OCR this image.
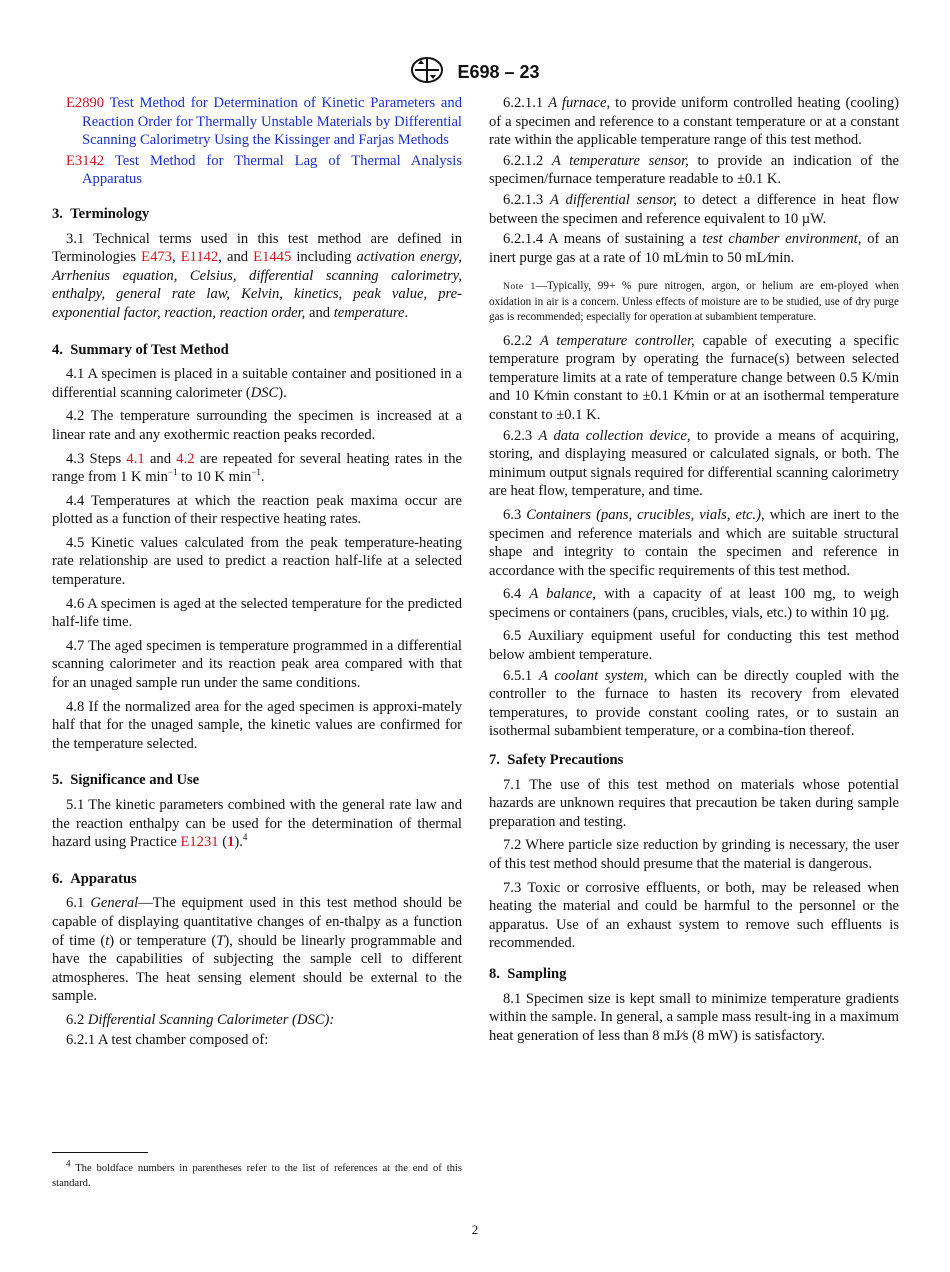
E698 – 23

E2890 Test Method for Determination of Kinetic Parameters and Reaction Order for Thermally Unstable Materials by Differential Scanning Calorimetry Using the Kissinger and Farjas Methods

E3142 Test Method for Thermal Lag of Thermal Analysis Apparatus

3. Terminology

3.1 Technical terms used in this test method are defined in Terminologies E473, E1142, and E1445 including activation energy, Arrhenius equation, Celsius, differential scanning calorimetry, enthalpy, general rate law, Kelvin, kinetics, peak value, pre-exponential factor, reaction, reaction order, and temperature.

4. Summary of Test Method

4.1 A specimen is placed in a suitable container and positioned in a differential scanning calorimeter (DSC).

4.2 The temperature surrounding the specimen is increased at a linear rate and any exothermic reaction peaks recorded.

4.3 Steps 4.1 and 4.2 are repeated for several heating rates in the range from 1 K $\min^{-1}$ to 10 K $\min^{-1}$.

4.4 Temperatures at which the reaction peak maxima occur are plotted as a function of their respective heating rates.

4.5 Kinetic values calculated from the peak temperature-heating rate relationship are used to predict a reaction half-life at a selected temperature.

4.6 A specimen is aged at the selected temperature for the predicted half-life time.

4.7 The aged specimen is temperature programmed in a differential scanning calorimeter and its reaction peak area compared with that for an unaged sample run under the same conditions.

4.8 If the normalized area for the aged specimen is approxi-mately half that for the unaged sample, the kinetic values are confirmed for the temperature selected.

5. Significance and Use

5.1 The kinetic parameters combined with the general rate law and the reaction enthalpy can be used for the determination of thermal hazard using Practice E1231 (1).$^4$

6. Apparatus

6.1 General—The equipment used in this test method should be capable of displaying quantitative changes of en-thalpy as a function of time (t) or temperature (T), should be linearly programmable and have the capabilities of subjecting the sample cell to different atmospheres. The heat sensing element should be external to the sample.

6.2 Differential Scanning Calorimeter (DSC):

6.2.1 A test chamber composed of:

6.2.1.1 A furnace, to provide uniform controlled heating (cooling) of a specimen and reference to a constant temperature or at a constant rate within the applicable temperature range of this test method.

6.2.1.2 A temperature sensor, to provide an indication of the specimen/furnace temperature readable to ±0.1 K.

6.2.1.3 A differential sensor, to detect a difference in heat flow between the specimen and reference equivalent to 10 µW.

6.2.1.4 A means of sustaining a test chamber environment, of an inert purge gas at a rate of 10 mL⁄min to 50 mL⁄min.

Note 1—Typically, 99+ % pure nitrogen, argon, or helium are em-ployed when oxidation in air is a concern. Unless effects of moisture are to be studied, use of dry purge gas is recommended; especially for operation at subambient temperature.

6.2.2 A temperature controller, capable of executing a specific temperature program by operating the furnace(s) between selected temperature limits at a rate of temperature change between 0.5 K/min and 10 K⁄min constant to ±0.1 K⁄min or at an isothermal temperature constant to ±0.1 K.

6.2.3 A data collection device, to provide a means of acquiring, storing, and displaying measured or calculated signals, or both. The minimum output signals required for differential scanning calorimetry are heat flow, temperature, and time.

6.3 Containers (pans, crucibles, vials, etc.), which are inert to the specimen and reference materials and which are suitable structural shape and integrity to contain the specimen and reference in accordance with the specific requirements of this test method.

6.4 A balance, with a capacity of at least 100 mg, to weigh specimens or containers (pans, crucibles, vials, etc.) to within 10 µg.

6.5 Auxiliary equipment useful for conducting this test method below ambient temperature.

6.5.1 A coolant system, which can be directly coupled with the controller to the furnace to hasten its recovery from elevated temperatures, to provide constant cooling rates, or to sustain an isothermal subambient temperature, or a combina-tion thereof.

7. Safety Precautions

7.1 The use of this test method on materials whose potential hazards are unknown requires that precaution be taken during sample preparation and testing.

7.2 Where particle size reduction by grinding is necessary, the user of this test method should presume that the material is dangerous.

7.3 Toxic or corrosive effluents, or both, may be released when heating the material and could be harmful to the personnel or the apparatus. Use of an exhaust system to remove such effluents is recommended.

8. Sampling

8.1 Specimen size is kept small to minimize temperature gradients within the sample. In general, a sample mass result-ing in a maximum heat generation of less than 8 mJ⁄s (8 mW) is satisfactory.

$^4$ The boldface numbers in parentheses refer to the list of references at the end of this standard.
2
